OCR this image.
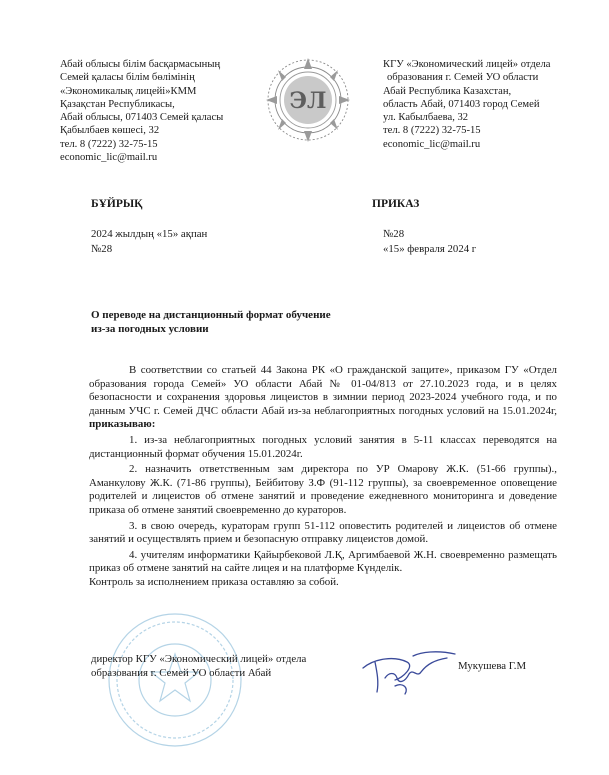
Абай облысы білім басқармасының
Семей қаласы білім бөлімінің
«Экономикалық лицейі»КММ
Қазақстан Республикасы,
Абай облысы, 071403 Семей қаласы
Қабылбаев көшесі, 32
тел. 8 (7222) 32-75-15
economic_lic@mail.ru
ЭЛ
КГУ «Экономический лицей» отдела
образования г. Семей УО области
Абай Республика Казахстан,
область Абай, 071403 город Семей
ул. Кабылбаева, 32
тел. 8 (7222) 32-75-15
economic_lic@mail.ru
БҰЙРЫҚ	ПРИКАЗ
2024 жылдың «15» ақпан
№28
№28
«15» февраля 2024 г
О переводе на дистанционный формат обучение
из-за погодных условии

В соответствии со статьей 44 Закона РК «О гражданской защите», приказом ГУ «Отдел образования города Семей» УО области Абай № 01-04/813 от 27.10.2023 года, и в целях безопасности и сохранения здоровья лицеистов в зимнии период 2023-2024 учебного года, и по данным УЧС г. Семей ДЧС области Абай из-за неблагоприятных погодных условий на 15.01.2024г, приказываю:

1. из-за неблагоприятных погодных условий занятия в 5-11 классах переводятся на дистанционный формат обучения 15.01.2024г.

2. назначить ответственным зам директора по УР Омарову Ж.К. (51-66 группы)., Аманкулову Ж.К. (71-86 группы), Бейбитову З.Ф (91-112 группы), за своевременное оповещение родителей и лицеистов об отмене занятий и проведение ежедневного мониторинга и доведение приказа об отмене занятий своевременно до кураторов.

3. в свою очередь, кураторам групп 51-112 оповестить родителей и лицеистов об отмене занятий и осуществлять прием и безопасную отправку лицеистов домой.

4. учителям информатики Қайырбековой Л.Қ, Аргимбаевой Ж.Н. своевременно размещать приказ об отмене занятий на сайте лицея и на платформе Күнделік.

Контроль за исполнением приказа оставляю за собой.

директор КГУ «Экономический лицей» отдела
образования г. Семей УО области Абай
Мукушева Г.М
